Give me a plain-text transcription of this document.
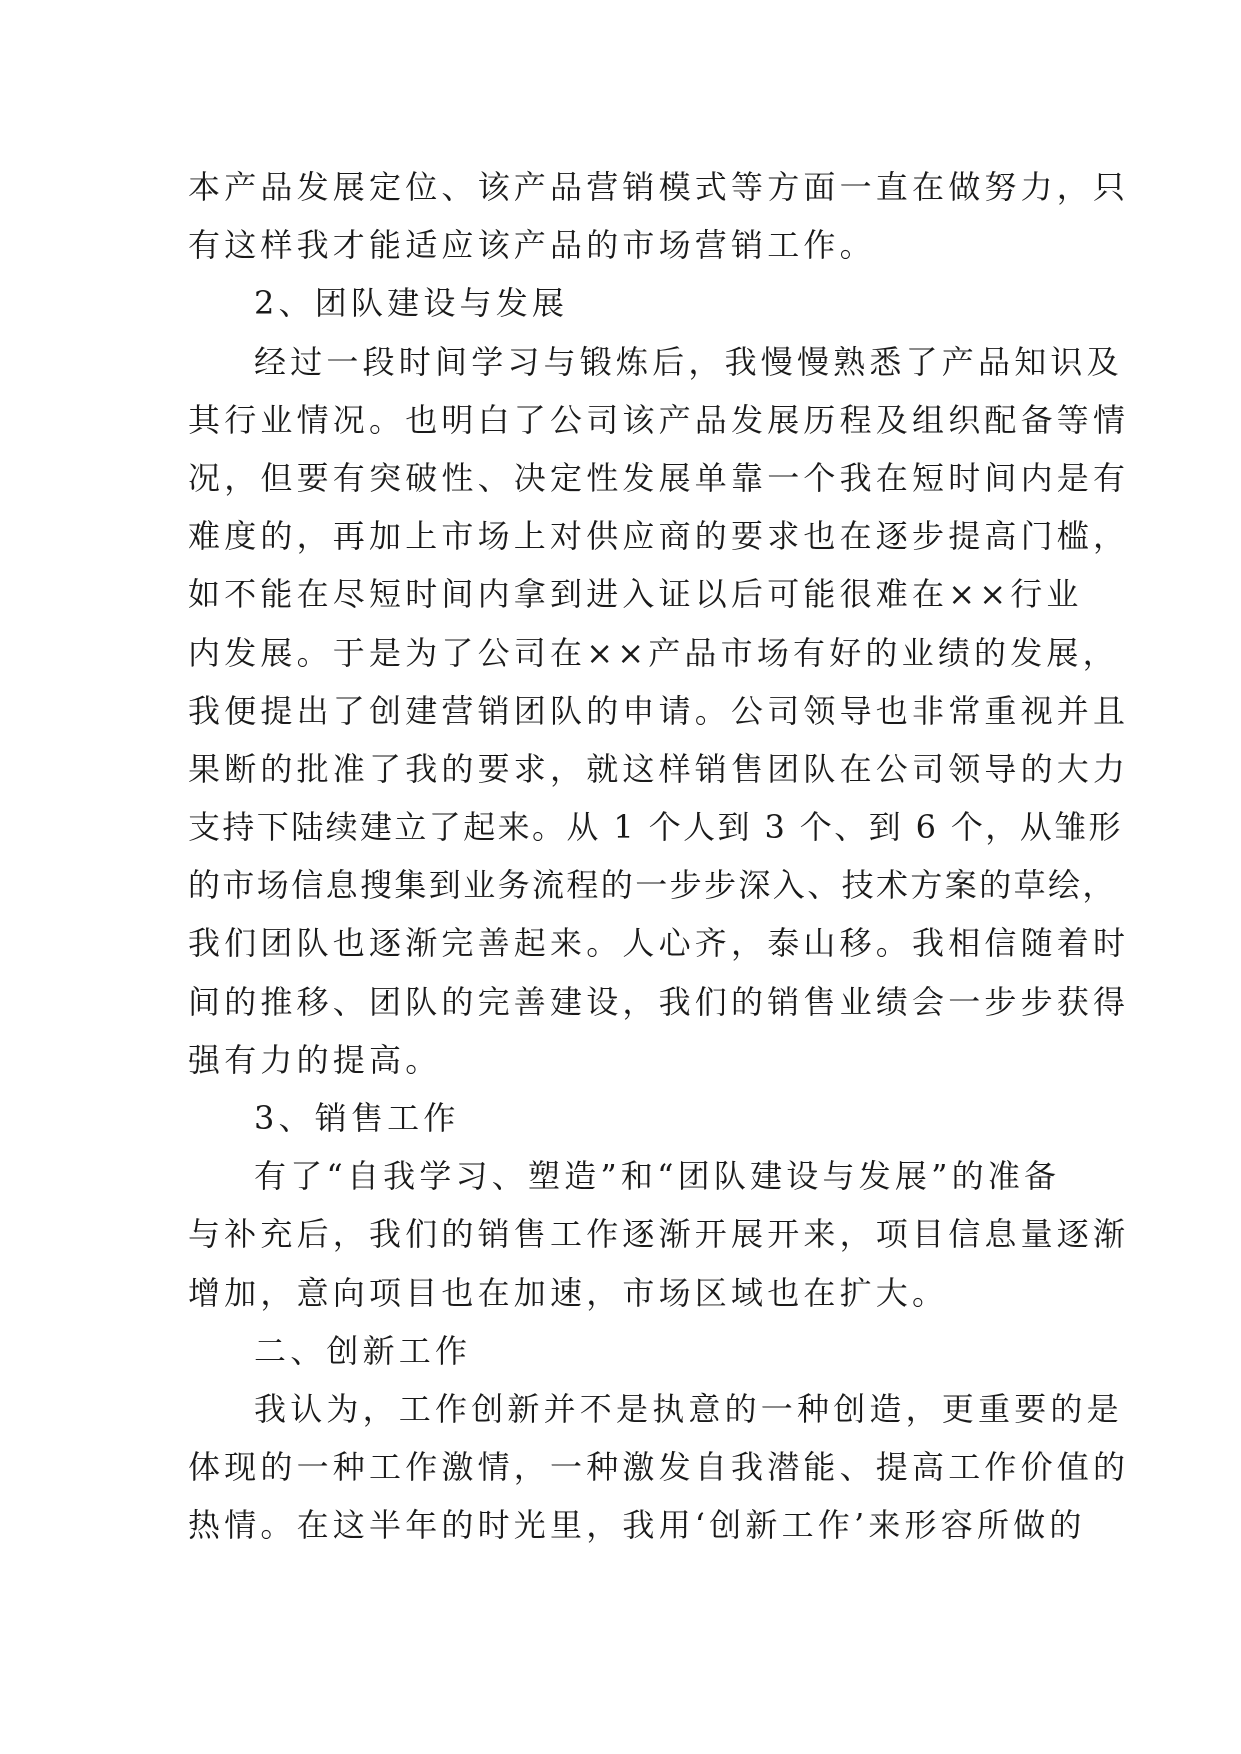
本产品发展定位、该产品营销模式等方面一直在做努力，只
有这样我才能适应该产品的市场营销工作。
2、团队建设与发展
经过一段时间学习与锻炼后，我慢慢熟悉了产品知识及
其行业情况。也明白了公司该产品发展历程及组织配备等情
况，但要有突破性、决定性发展单靠一个我在短时间内是有
难度的，再加上市场上对供应商的要求也在逐步提高门槛，
如不能在尽短时间内拿到进入证以后可能很难在××行业
内发展。于是为了公司在××产品市场有好的业绩的发展，
我便提出了创建营销团队的申请。公司领导也非常重视并且
果断的批准了我的要求，就这样销售团队在公司领导的大力
支持下陆续建立了起来。从 1 个人到 3 个、到 6 个，从雏形
的市场信息搜集到业务流程的一步步深入、技术方案的草绘，
我们团队也逐渐完善起来。人心齐，泰山移。我相信随着时
间的推移、团队的完善建设，我们的销售业绩会一步步获得
强有力的提高。
3、销售工作
有了“自我学习、塑造”和“团队建设与发展”的准备
与补充后，我们的销售工作逐渐开展开来，项目信息量逐渐
增加，意向项目也在加速，市场区域也在扩大。
二、创新工作
我认为，工作创新并不是执意的一种创造，更重要的是
体现的一种工作激情，一种激发自我潜能、提高工作价值的
热情。在这半年的时光里，我用‘创新工作’来形容所做的
